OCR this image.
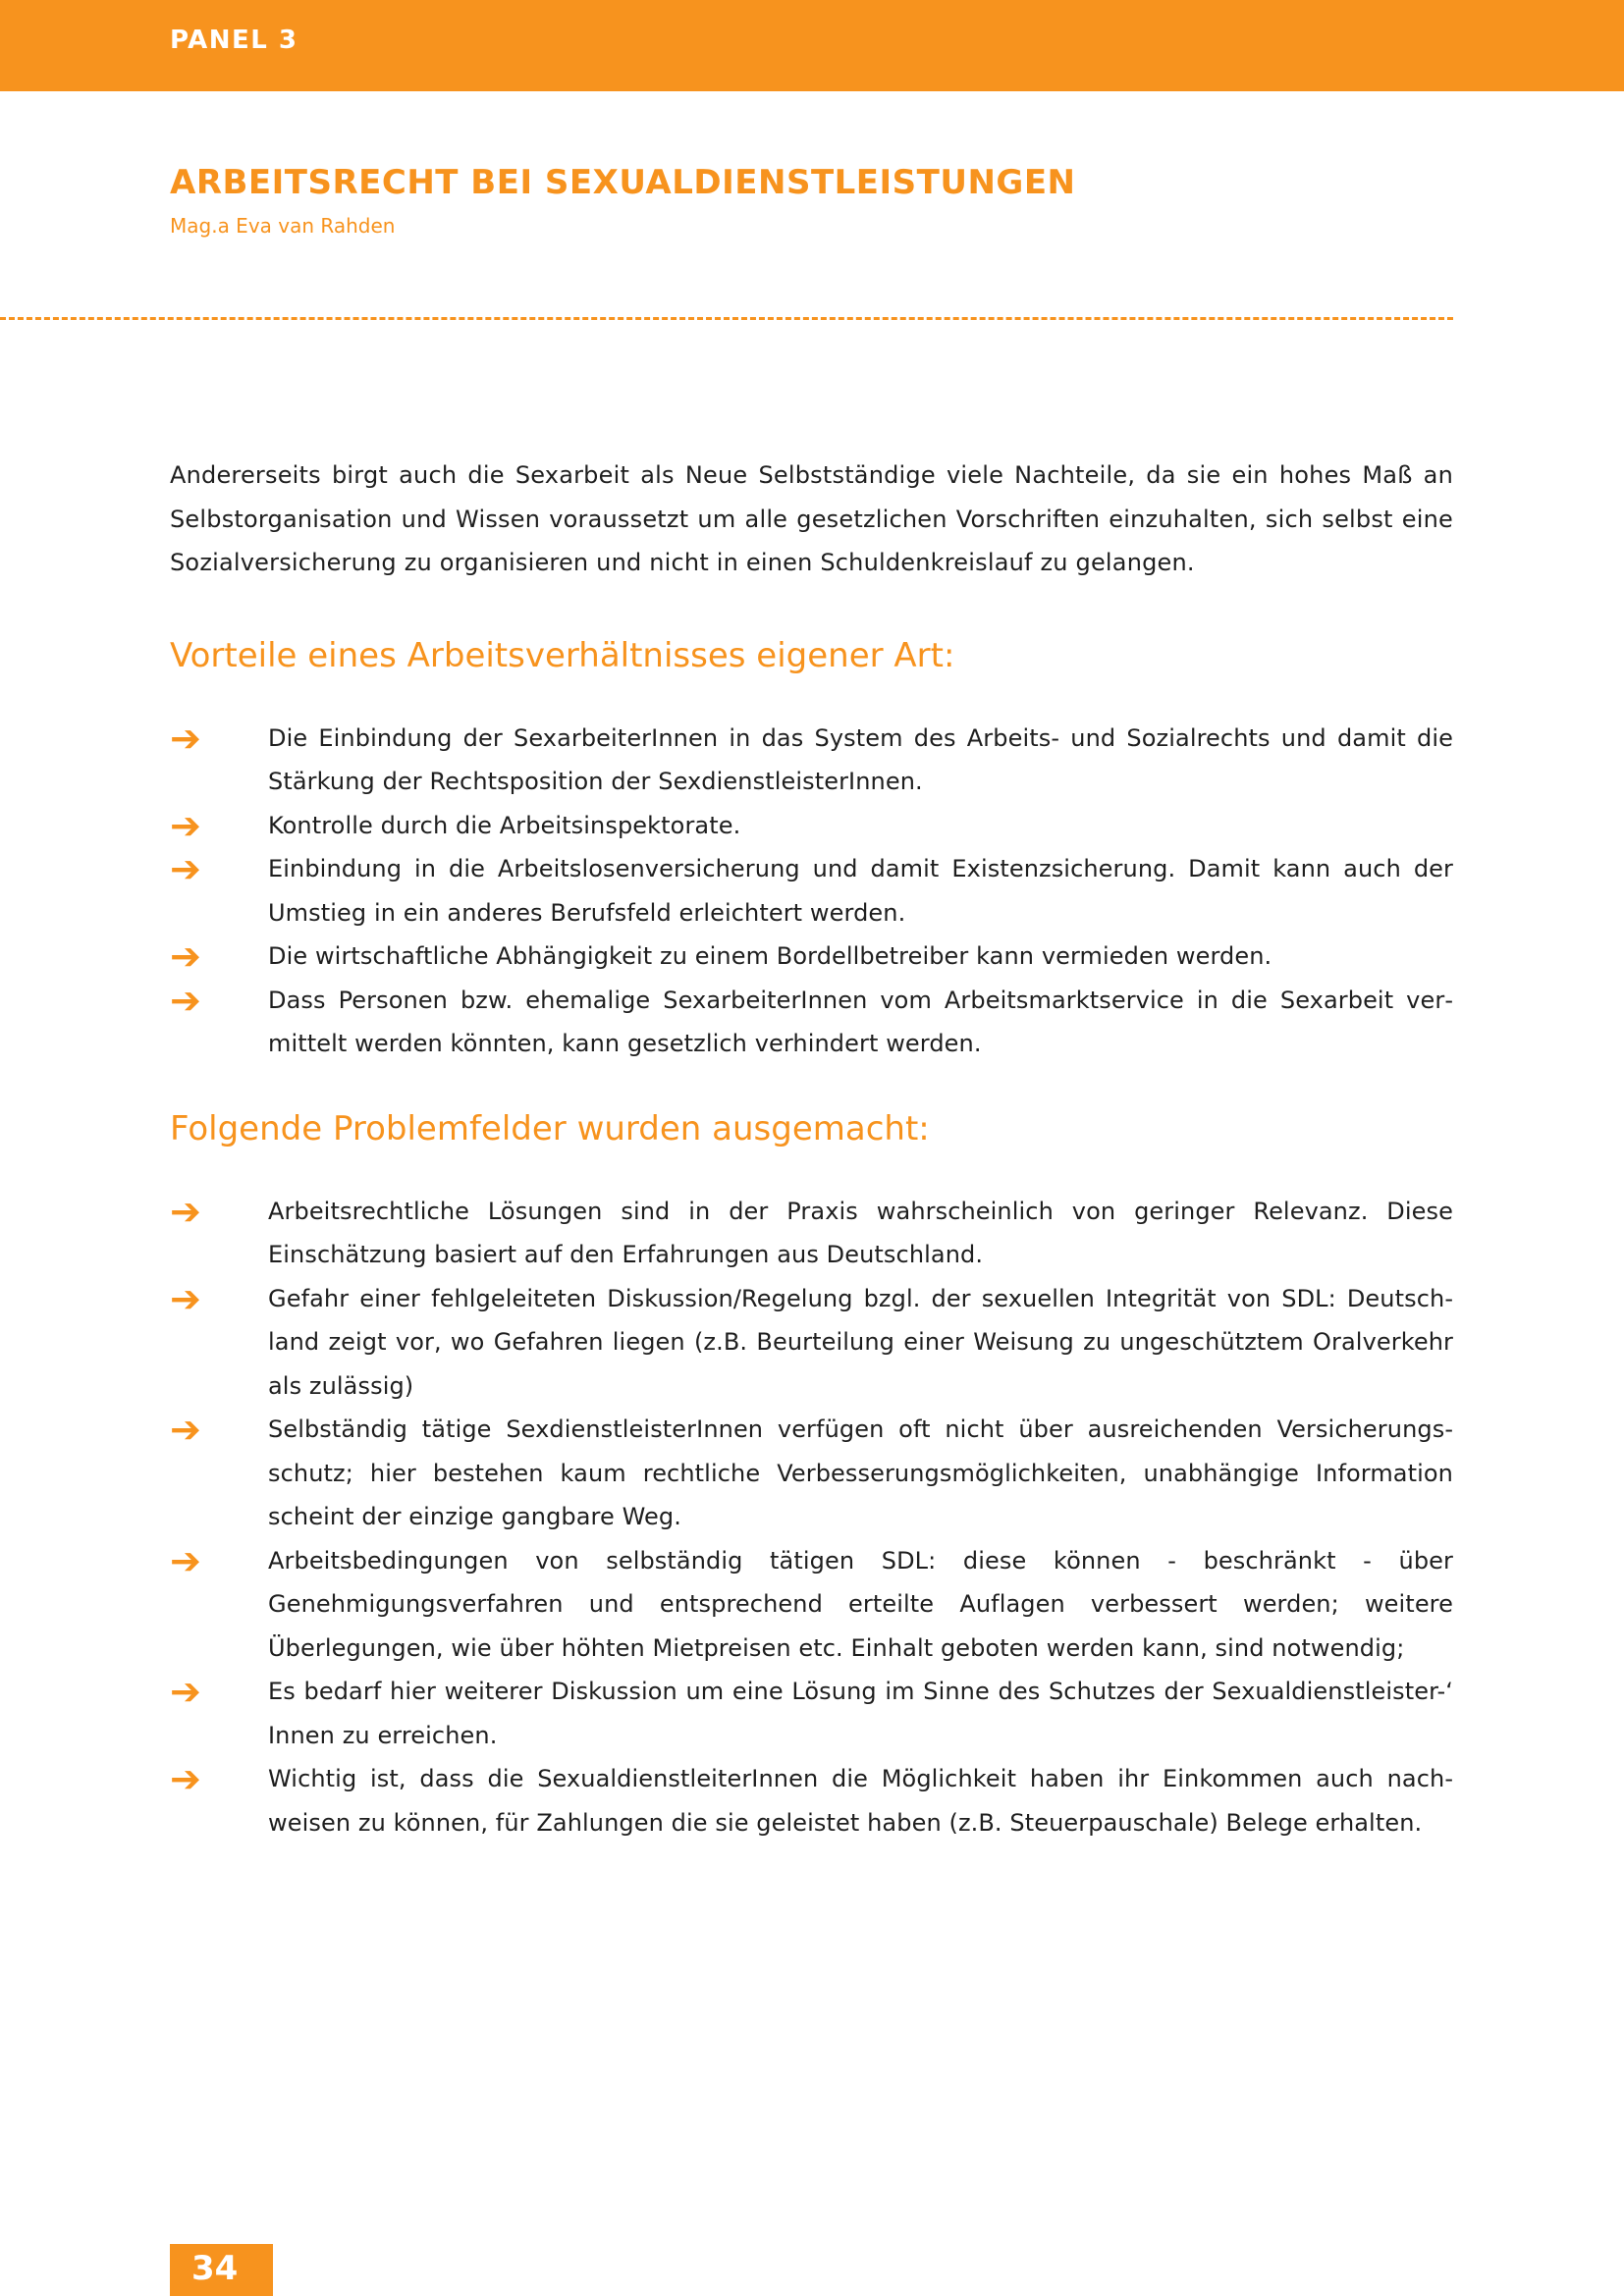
PANEL 3
ARBEITSRECHT BEI SEXUALDIENSTLEISTUNGEN
Mag.a Eva van Rahden

Andererseits birgt auch die Sexarbeit als Neue Selbstständige viele Nachteile, da sie ein hohes Maß an Selbstorganisation und Wissen voraussetzt um alle gesetzlichen Vorschriften einzuhalten, sich selbst eine Sozialversicherung zu organisieren und nicht in einen Schuldenkreislauf zu gelangen.

Vorteile eines Arbeitsverhältnisses eigener Art:
➔	Die Einbindung der SexarbeiterInnen in das System des Arbeits- und Sozialrechts und damit die Stärkung der Rechtsposition der SexdienstleisterInnen.
➔	Kontrolle durch die Arbeitsinspektorate.
➔	Einbindung in die Arbeitslosenversicherung und damit Existenzsicherung. Damit kann auch der Umstieg in ein anderes Berufsfeld erleichtert werden.
➔	Die wirtschaftliche Abhängigkeit zu einem Bordellbetreiber kann vermieden werden.
➔	Dass Personen bzw. ehemalige SexarbeiterInnen vom Arbeitsmarktservice in die Sexarbeit vermittelt werden könnten, kann gesetzlich verhindert werden.
Folgende Problemfelder wurden ausgemacht:
➔	Arbeitsrechtliche Lösungen sind in der Praxis wahrscheinlich von geringer Relevanz. Diese Einschätzung basiert auf den Erfahrungen aus Deutschland.
➔	Gefahr einer fehlgeleiteten Diskussion/Regelung bzgl. der sexuellen Integrität von SDL: Deutschland zeigt vor, wo Gefahren liegen (z.B. Beurteilung einer Weisung zu ungeschütztem Oralverkehr als zulässig)
➔	Selbständig tätige SexdienstleisterInnen verfügen oft nicht über ausreichenden Versicherungsschutz; hier bestehen kaum rechtliche Verbesserungsmöglichkeiten, unabhängige Information scheint der einzige gangbare Weg.
➔	Arbeitsbedingungen von selbständig tätigen SDL: diese können - beschränkt - über Genehmigungsverfahren und entsprechend erteilte Auflagen verbessert werden; weitere Überlegungen, wie über höhten Mietpreisen etc. Einhalt geboten werden kann, sind notwendig;
➔	Es bedarf hier weiterer Diskussion um eine Lösung im Sinne des Schutzes der Sexualdienstleister-‘ Innen zu erreichen.
➔	Wichtig ist, dass die SexualdienstleiterInnen die Möglichkeit haben ihr Einkommen auch nachweisen zu können, für Zahlungen die sie geleistet haben (z.B. Steuerpauschale) Belege erhalten.
34
